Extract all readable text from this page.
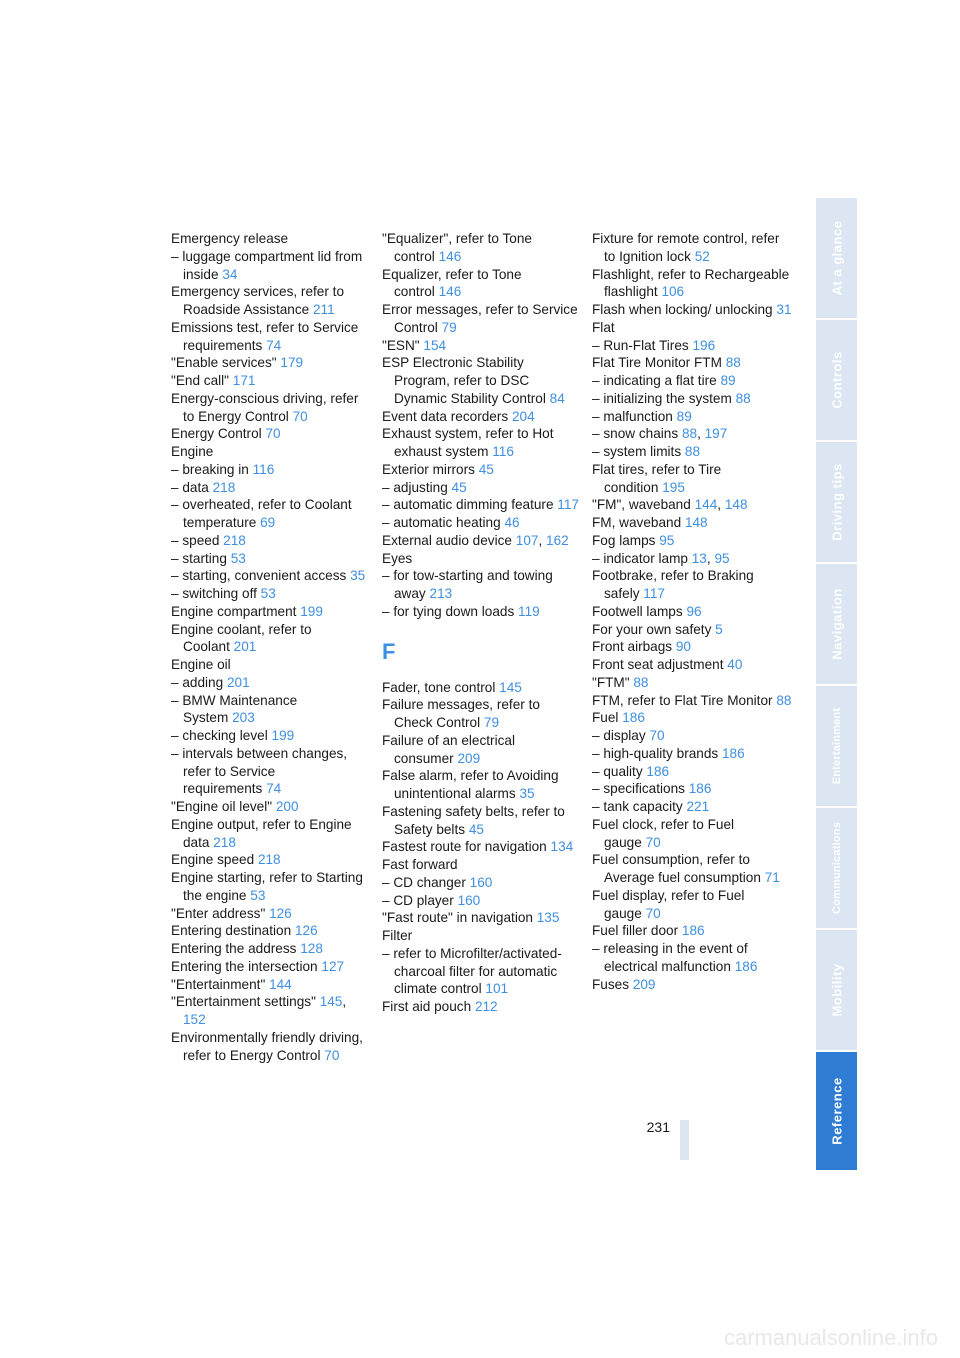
Emergency release
– luggage compartment lid from inside 34
Emergency services, refer to Roadside Assistance 211
Emissions test, refer to Service requirements 74
"Enable services" 179
"End call" 171
Energy-conscious driving, refer to Energy Control 70
Energy Control 70
Engine
– breaking in 116
– data 218
– overheated, refer to Coolant temperature 69
– speed 218
– starting 53
– starting, convenient access 35
– switching off 53
Engine compartment 199
Engine coolant, refer to Coolant 201
Engine oil
– adding 201
– BMW Maintenance System 203
– checking level 199
– intervals between changes, refer to Service requirements 74
"Engine oil level" 200
Engine output, refer to Engine data 218
Engine speed 218
Engine starting, refer to Starting the engine 53
"Enter address" 126
Entering destination 126
Entering the address 128
Entering the intersection 127
"Entertainment" 144
"Entertainment settings" 145, 152
Environmentally friendly driving, refer to Energy Control 70
"Equalizer", refer to Tone control 146
Equalizer, refer to Tone control 146
Error messages, refer to Service Control 79
"ESN" 154
ESP Electronic Stability Program, refer to DSC Dynamic Stability Control 84
Event data recorders 204
Exhaust system, refer to Hot exhaust system 116
Exterior mirrors 45
– adjusting 45
– automatic dimming feature 117
– automatic heating 46
External audio device 107, 162
Eyes
– for tow-starting and towing away 213
– for tying down loads 119
F
Fader, tone control 145
Failure messages, refer to Check Control 79
Failure of an electrical consumer 209
False alarm, refer to Avoiding unintentional alarms 35
Fastening safety belts, refer to Safety belts 45
Fastest route for navigation 134
Fast forward
– CD changer 160
– CD player 160
"Fast route" in navigation 135
Filter
– refer to Microfilter/activated-charcoal filter for automatic climate control 101
First aid pouch 212
Fixture for remote control, refer to Ignition lock 52
Flashlight, refer to Rechargeable flashlight 106
Flash when locking/ unlocking 31
Flat
– Run-Flat Tires 196
Flat Tire Monitor FTM 88
– indicating a flat tire 89
– initializing the system 88
– malfunction 89
– snow chains 88, 197
– system limits 88
Flat tires, refer to Tire condition 195
"FM", waveband 144, 148
FM, waveband 148
Fog lamps 95
– indicator lamp 13, 95
Footbrake, refer to Braking safely 117
Footwell lamps 96
For your own safety 5
Front airbags 90
Front seat adjustment 40
"FTM" 88
FTM, refer to Flat Tire Monitor 88
Fuel 186
– display 70
– high-quality brands 186
– quality 186
– specifications 186
– tank capacity 221
Fuel clock, refer to Fuel gauge 70
Fuel consumption, refer to Average fuel consumption 71
Fuel display, refer to Fuel gauge 70
Fuel filler door 186
– releasing in the event of electrical malfunction 186
Fuses 209
At a glance
Controls
Driving tips
Navigation
Entertainment
Communications
Mobility
Reference
231
carmanualsonline.info
